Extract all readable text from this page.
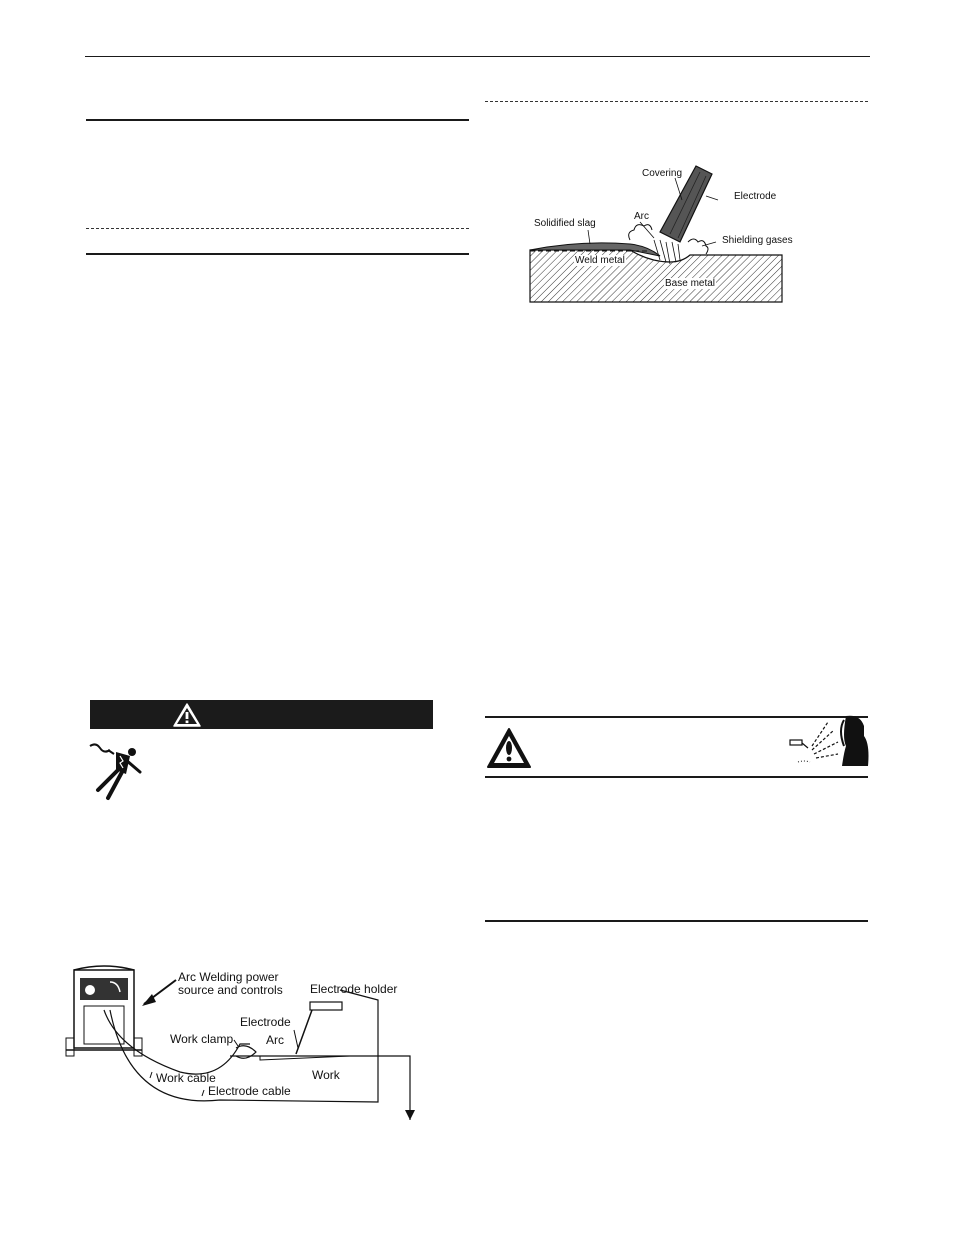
Covering
Electrode
Arc
Solidified slag
Shielding gases
Weld metal
Base metal
Arc Welding power
source and controls Electrode holder
Electrode
Work clamp	Arc
Work cable	Work
Electrode cable
